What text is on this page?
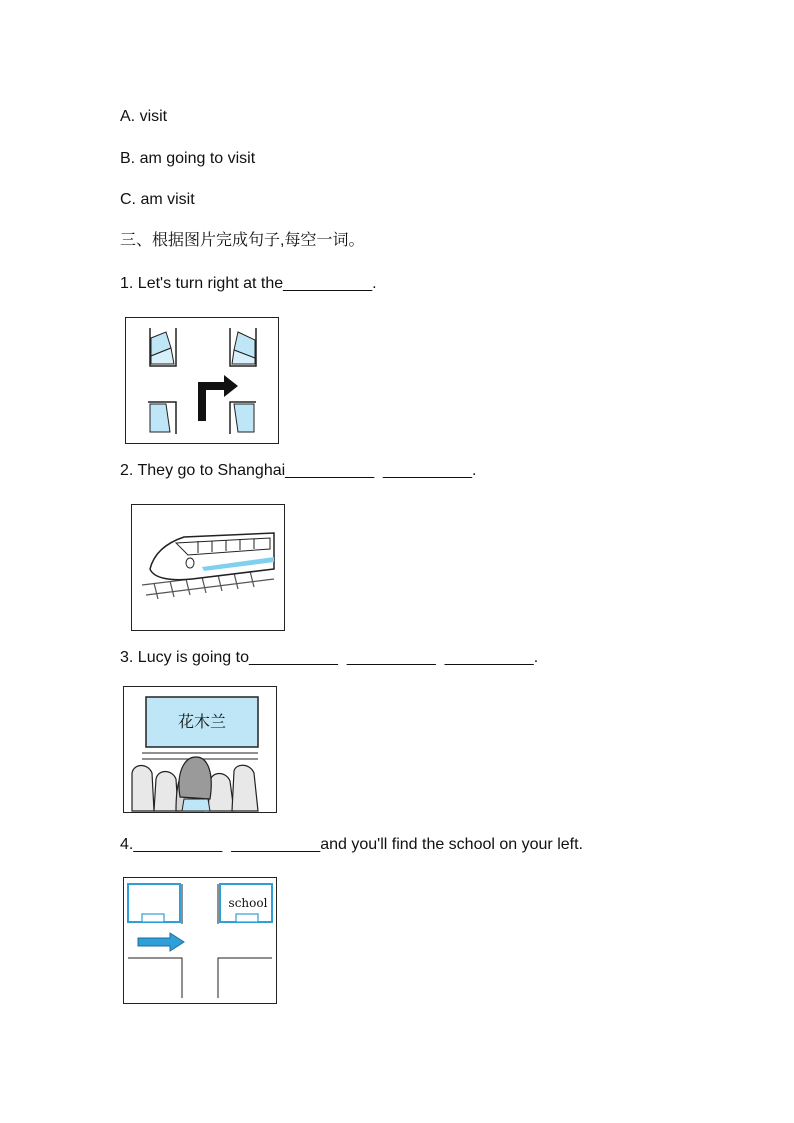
A. visit
B. am going to visit
C. am visit
三、根据图片完成句子,每空一词。
1. Let's turn right at the__________.
2. They go to Shanghai__________  __________.
3. Lucy is going to__________  __________  __________.
花木兰
4.__________  __________and you'll find the school on your left.
school
